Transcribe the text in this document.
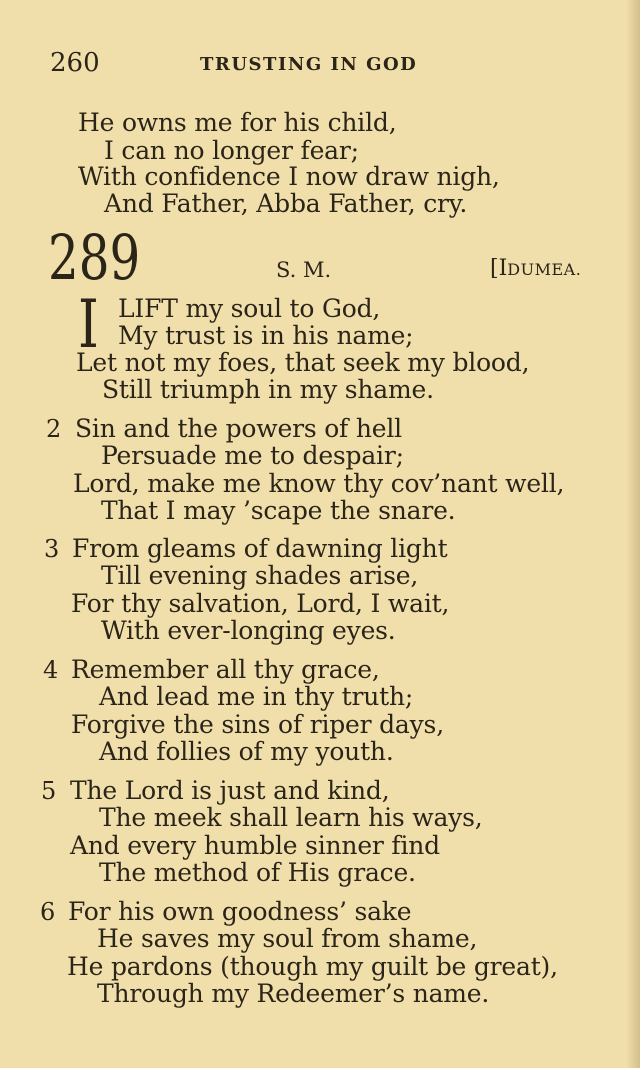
260	TRUSTING IN GOD
He owns me for his child,
I can no longer fear;
With confidence I now draw nigh,
And Father, Abba Father, cry.
289	S. M.	[IDUMEA.
I LIFT my soul to God,
My trust is in his name;
Let not my foes, that seek my blood,
Still triumph in my shame.
2 Sin and the powers of hell
Persuade me to despair;
Lord, make me know thy cov’nant well,
That I may ’scape the snare.
3 From gleams of dawning light
Till evening shades arise,
For thy salvation, Lord, I wait,
With ever-longing eyes.
4 Remember all thy grace,
And lead me in thy truth;
Forgive the sins of riper days,
And follies of my youth.
5 The Lord is just and kind,
The meek shall learn his ways,
And every humble sinner find
The method of His grace.
6 For his own goodness’ sake
He saves my soul from shame,
He pardons (though my guilt be great),
Through my Redeemer’s name.
